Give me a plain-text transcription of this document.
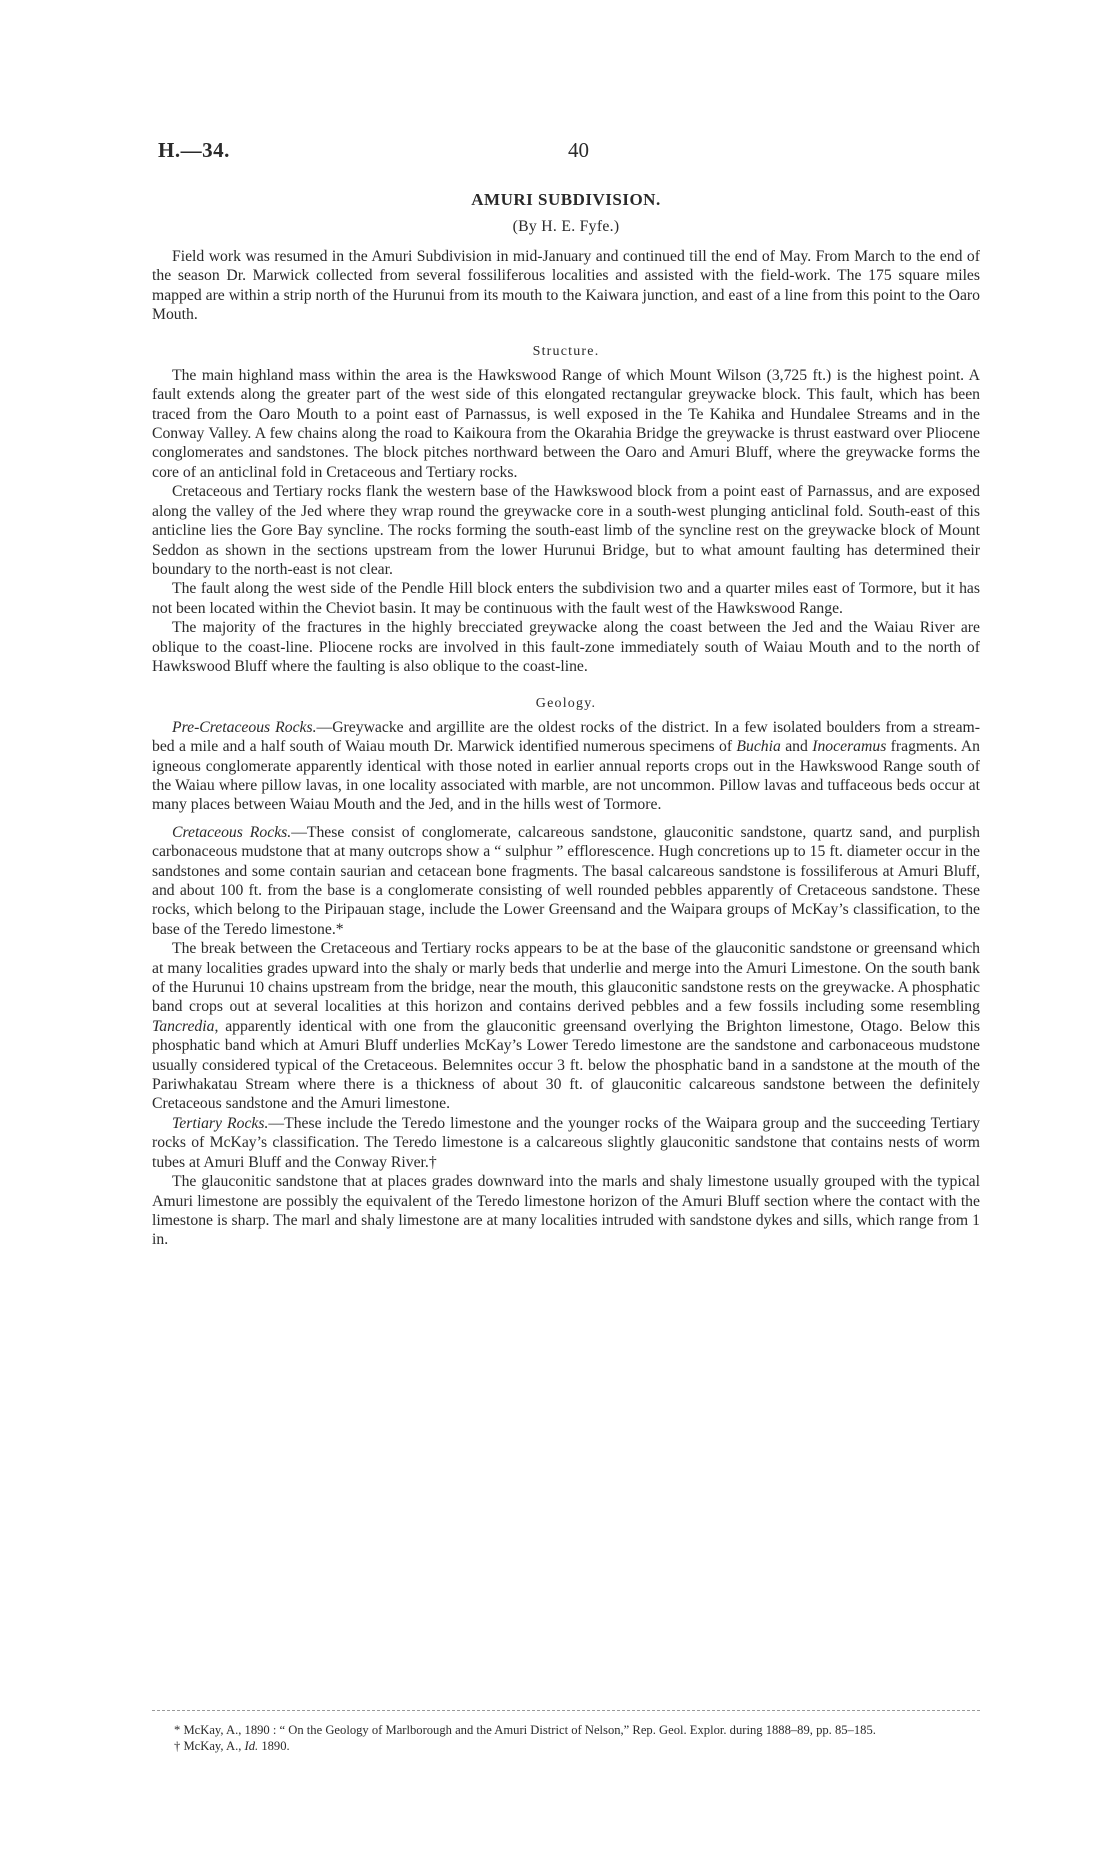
H.—34.	40
AMURI SUBDIVISION.
(By H. E. Fyfe.)

Field work was resumed in the Amuri Subdivision in mid-January and continued till the end of May. From March to the end of the season Dr. Marwick collected from several fossiliferous localities and assisted with the field-work. The 175 square miles mapped are within a strip north of the Hurunui from its mouth to the Kaiwara junction, and east of a line from this point to the Oaro Mouth.

Structure.

The main highland mass within the area is the Hawkswood Range of which Mount Wilson (3,725 ft.) is the highest point. A fault extends along the greater part of the west side of this elongated rectangular greywacke block. This fault, which has been traced from the Oaro Mouth to a point east of Parnassus, is well exposed in the Te Kahika and Hundalee Streams and in the Conway Valley. A few chains along the road to Kaikoura from the Okarahia Bridge the greywacke is thrust eastward over Pliocene conglomerates and sandstones. The block pitches northward between the Oaro and Amuri Bluff, where the greywacke forms the core of an anticlinal fold in Cretaceous and Tertiary rocks.

Cretaceous and Tertiary rocks flank the western base of the Hawkswood block from a point east of Parnassus, and are exposed along the valley of the Jed where they wrap round the greywacke core in a south-west plunging anticlinal fold. South-east of this anticline lies the Gore Bay syncline. The rocks forming the south-east limb of the syncline rest on the greywacke block of Mount Seddon as shown in the sections upstream from the lower Hurunui Bridge, but to what amount faulting has determined their boundary to the north-east is not clear.

The fault along the west side of the Pendle Hill block enters the subdivision two and a quarter miles east of Tormore, but it has not been located within the Cheviot basin. It may be continuous with the fault west of the Hawkswood Range.

The majority of the fractures in the highly brecciated greywacke along the coast between the Jed and the Waiau River are oblique to the coast-line. Pliocene rocks are involved in this fault-zone immediately south of Waiau Mouth and to the north of Hawkswood Bluff where the faulting is also oblique to the coast-line.

Geology.

Pre-Cretaceous Rocks.—Greywacke and argillite are the oldest rocks of the district. In a few isolated boulders from a stream-bed a mile and a half south of Waiau mouth Dr. Marwick identified numerous specimens of Buchia and Inoceramus fragments. An igneous conglomerate apparently identical with those noted in earlier annual reports crops out in the Hawkswood Range south of the Waiau where pillow lavas, in one locality associated with marble, are not uncommon. Pillow lavas and tuffaceous beds occur at many places between Waiau Mouth and the Jed, and in the hills west of Tormore.

Cretaceous Rocks.—These consist of conglomerate, calcareous sandstone, glauconitic sandstone, quartz sand, and purplish carbonaceous mudstone that at many outcrops show a “ sulphur ” efflorescence. Hugh concretions up to 15 ft. diameter occur in the sandstones and some contain saurian and cetacean bone fragments. The basal calcareous sandstone is fossiliferous at Amuri Bluff, and about 100 ft. from the base is a conglomerate consisting of well rounded pebbles apparently of Cretaceous sandstone. These rocks, which belong to the Piripauan stage, include the Lower Greensand and the Waipara groups of McKay’s classification, to the base of the Teredo limestone.*

The break between the Cretaceous and Tertiary rocks appears to be at the base of the glauconitic sandstone or greensand which at many localities grades upward into the shaly or marly beds that underlie and merge into the Amuri Limestone. On the south bank of the Hurunui 10 chains upstream from the bridge, near the mouth, this glauconitic sandstone rests on the greywacke. A phosphatic band crops out at several localities at this horizon and contains derived pebbles and a few fossils including some resembling Tancredia, apparently identical with one from the glauconitic greensand overlying the Brighton limestone, Otago. Below this phosphatic band which at Amuri Bluff underlies McKay’s Lower Teredo limestone are the sandstone and carbonaceous mudstone usually considered typical of the Cretaceous. Belemnites occur 3 ft. below the phosphatic band in a sandstone at the mouth of the Pariwhakatau Stream where there is a thickness of about 30 ft. of glauconitic calcareous sandstone between the definitely Cretaceous sandstone and the Amuri limestone.

Tertiary Rocks.—These include the Teredo limestone and the younger rocks of the Waipara group and the succeeding Tertiary rocks of McKay’s classification. The Teredo limestone is a calcareous slightly glauconitic sandstone that contains nests of worm tubes at Amuri Bluff and the Conway River.†

The glauconitic sandstone that at places grades downward into the marls and shaly limestone usually grouped with the typical Amuri limestone are possibly the equivalent of the Teredo limestone horizon of the Amuri Bluff section where the contact with the limestone is sharp. The marl and shaly limestone are at many localities intruded with sandstone dykes and sills, which range from 1 in.

* McKay, A., 1890 : “ On the Geology of Marlborough and the Amuri District of Nelson,” Rep. Geol. Explor. during 1888–89, pp. 85–185.
† McKay, A., Id. 1890.
